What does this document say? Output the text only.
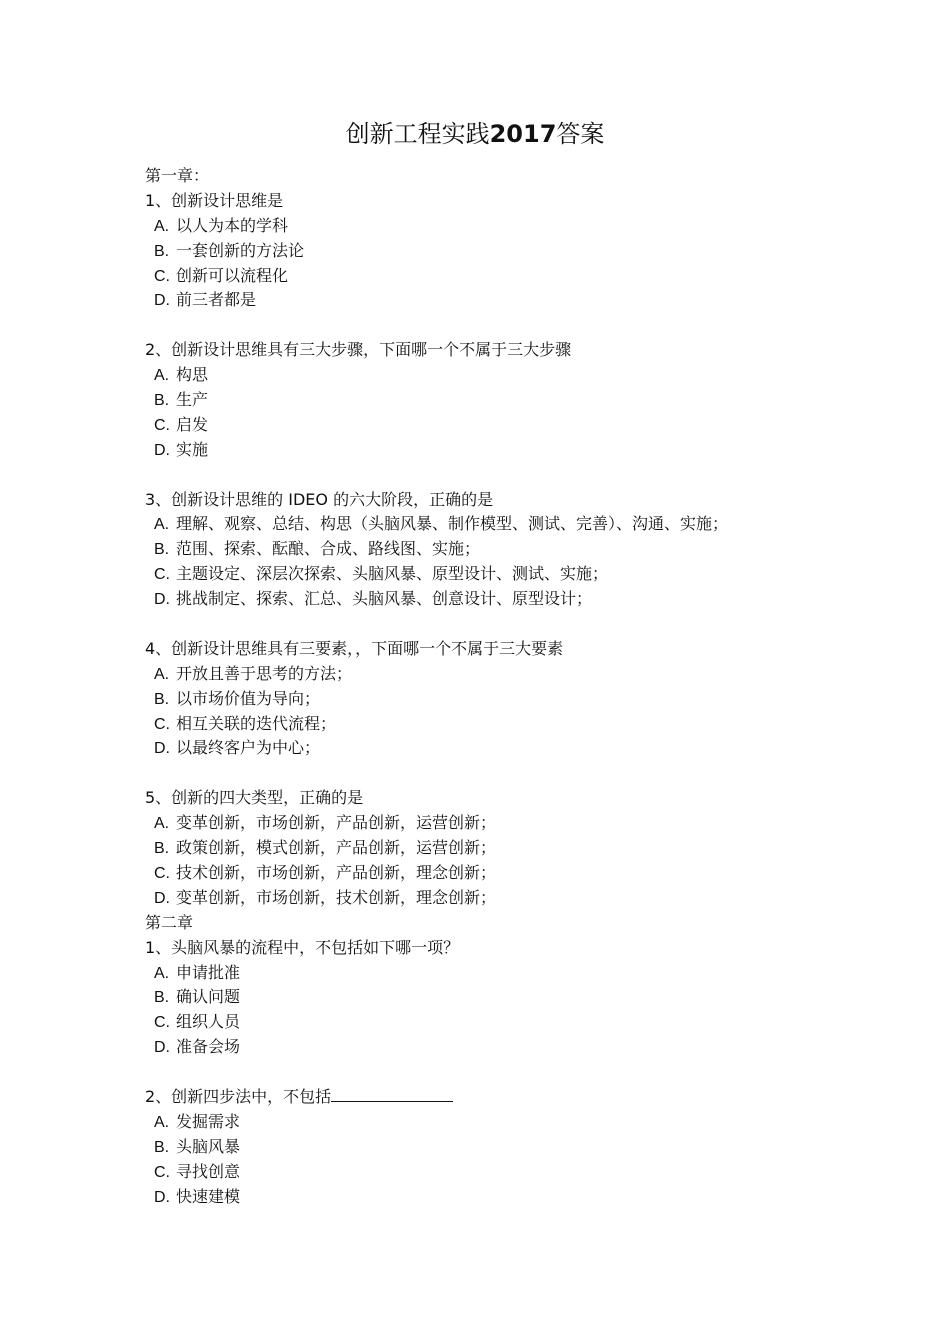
创新工程实践2017答案
第一章：
1、创新设计思维是
A. 以人为本的学科
B. 一套创新的方法论
C. 创新可以流程化
D. 前三者都是
2、创新设计思维具有三大步骤，下面哪一个不属于三大步骤
A. 构思
B. 生产
C. 启发
D. 实施
3、创新设计思维的 IDEO 的六大阶段，正确的是
A. 理解、观察、总结、构思（头脑风暴、制作模型、测试、完善）、沟通、实施；
B. 范围、探索、酝酿、合成、路线图、实施；
C. 主题设定、深层次探索、头脑风暴、原型设计、测试、实施；
D. 挑战制定、探索、汇总、头脑风暴、创意设计、原型设计；
4、创新设计思维具有三要素，，下面哪一个不属于三大要素
A. 开放且善于思考的方法；
B. 以市场价值为导向；
C. 相互关联的迭代流程；
D. 以最终客户为中心；
5、创新的四大类型，正确的是
A. 变革创新，市场创新，产品创新，运营创新；
B. 政策创新，模式创新，产品创新，运营创新；
C. 技术创新，市场创新，产品创新，理念创新；
D. 变革创新，市场创新，技术创新，理念创新；
第二章
1、头脑风暴的流程中，不包括如下哪一项？
A. 申请批准
B. 确认问题
C. 组织人员
D. 准备会场
2、创新四步法中，不包括
A. 发掘需求
B. 头脑风暴
C. 寻找创意
D. 快速建模
